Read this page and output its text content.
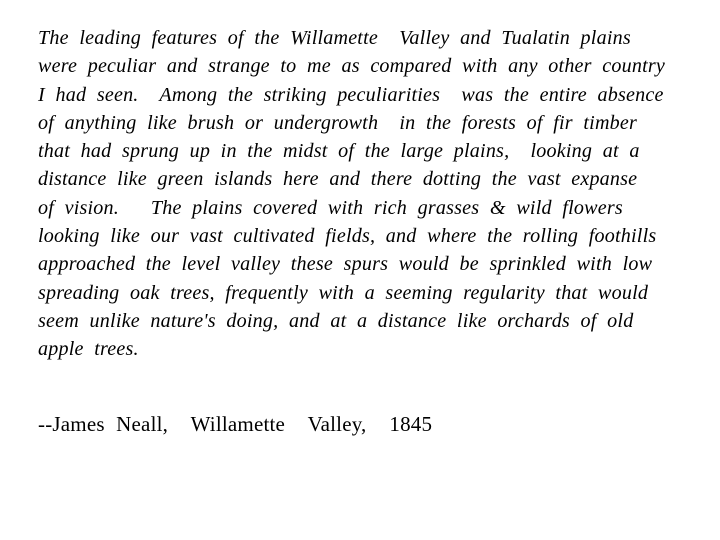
The leading features of the Willamette  Valley and Tualatin plains
were peculiar and strange to me as compared with any other country
I had seen.  Among the striking peculiarities  was the entire absence
of anything like brush or undergrowth  in the forests of fir timber
that had sprung up in the midst of the large plains,  looking at a
distance like green islands here and there dotting the vast expanse
of vision.   The plains covered with rich grasses & wild flowers
looking like our vast cultivated fields, and where the rolling foothills
approached the level valley these spurs would be sprinkled with low
spreading oak trees, frequently with a seeming regularity that would
seem unlike nature's doing, and at a distance like orchards of old
apple trees.
--James Neall,  Willamette  Valley,  1845
